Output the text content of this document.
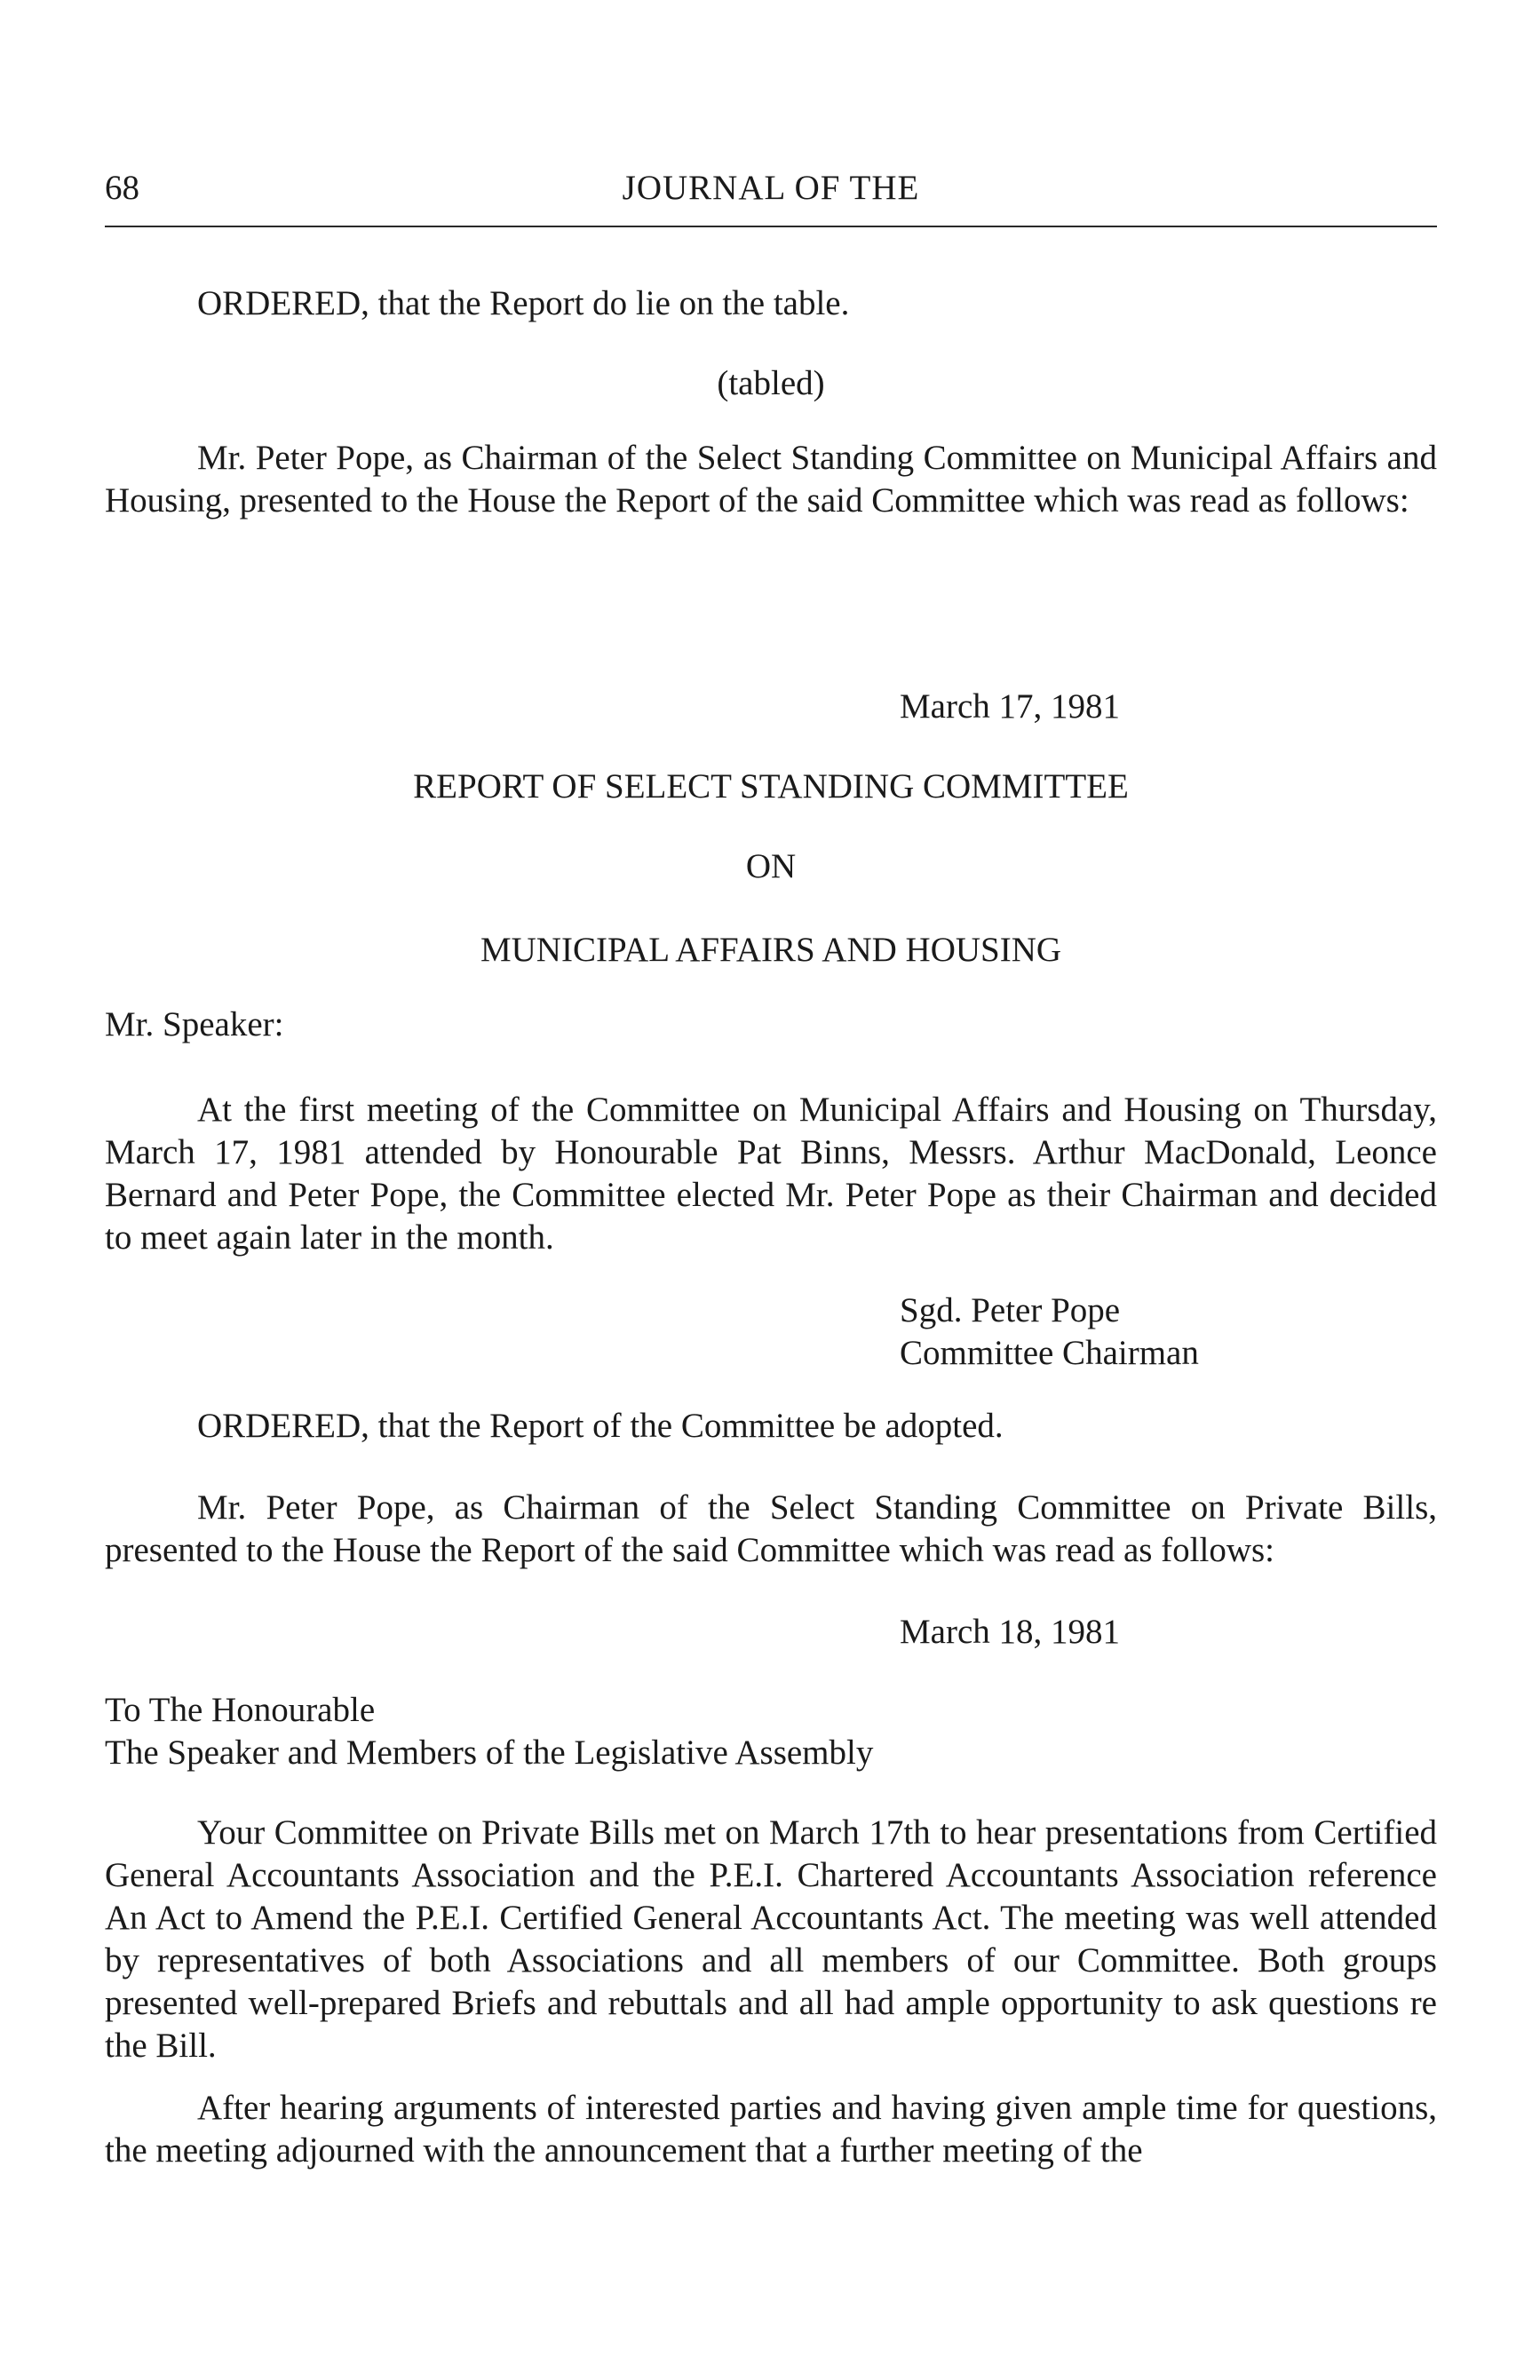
68	JOURNAL OF THE
ORDERED, that the Report do lie on the table.
(tabled)
Mr. Peter Pope, as Chairman of the Select Standing Committee on Municipal Affairs and Housing, presented to the House the Report of the said Committee which was read as follows:
March 17, 1981
REPORT OF SELECT STANDING COMMITTEE
ON
MUNICIPAL AFFAIRS AND HOUSING
Mr. Speaker:
At the first meeting of the Committee on Municipal Affairs and Housing on Thursday, March 17, 1981 attended by Honourable Pat Binns, Messrs. Arthur MacDonald, Leonce Bernard and Peter Pope, the Committee elected Mr. Peter Pope as their Chairman and decided to meet again later in the month.
Sgd. Peter Pope
Committee Chairman
ORDERED, that the Report of the Committee be adopted.
Mr. Peter Pope, as Chairman of the Select Standing Committee on Private Bills, presented to the House the Report of the said Committee which was read as follows:
March 18, 1981
To The Honourable
The Speaker and Members of the Legislative Assembly
Your Committee on Private Bills met on March 17th to hear presentations from Certified General Accountants Association and the P.E.I. Chartered Accountants Association reference An Act to Amend the P.E.I. Certified General Accountants Act. The meeting was well attended by representatives of both Associations and all members of our Committee. Both groups presented well-prepared Briefs and rebuttals and all had ample opportunity to ask questions re the Bill.
After hearing arguments of interested parties and having given ample time for questions, the meeting adjourned with the announcement that a further meeting of the
